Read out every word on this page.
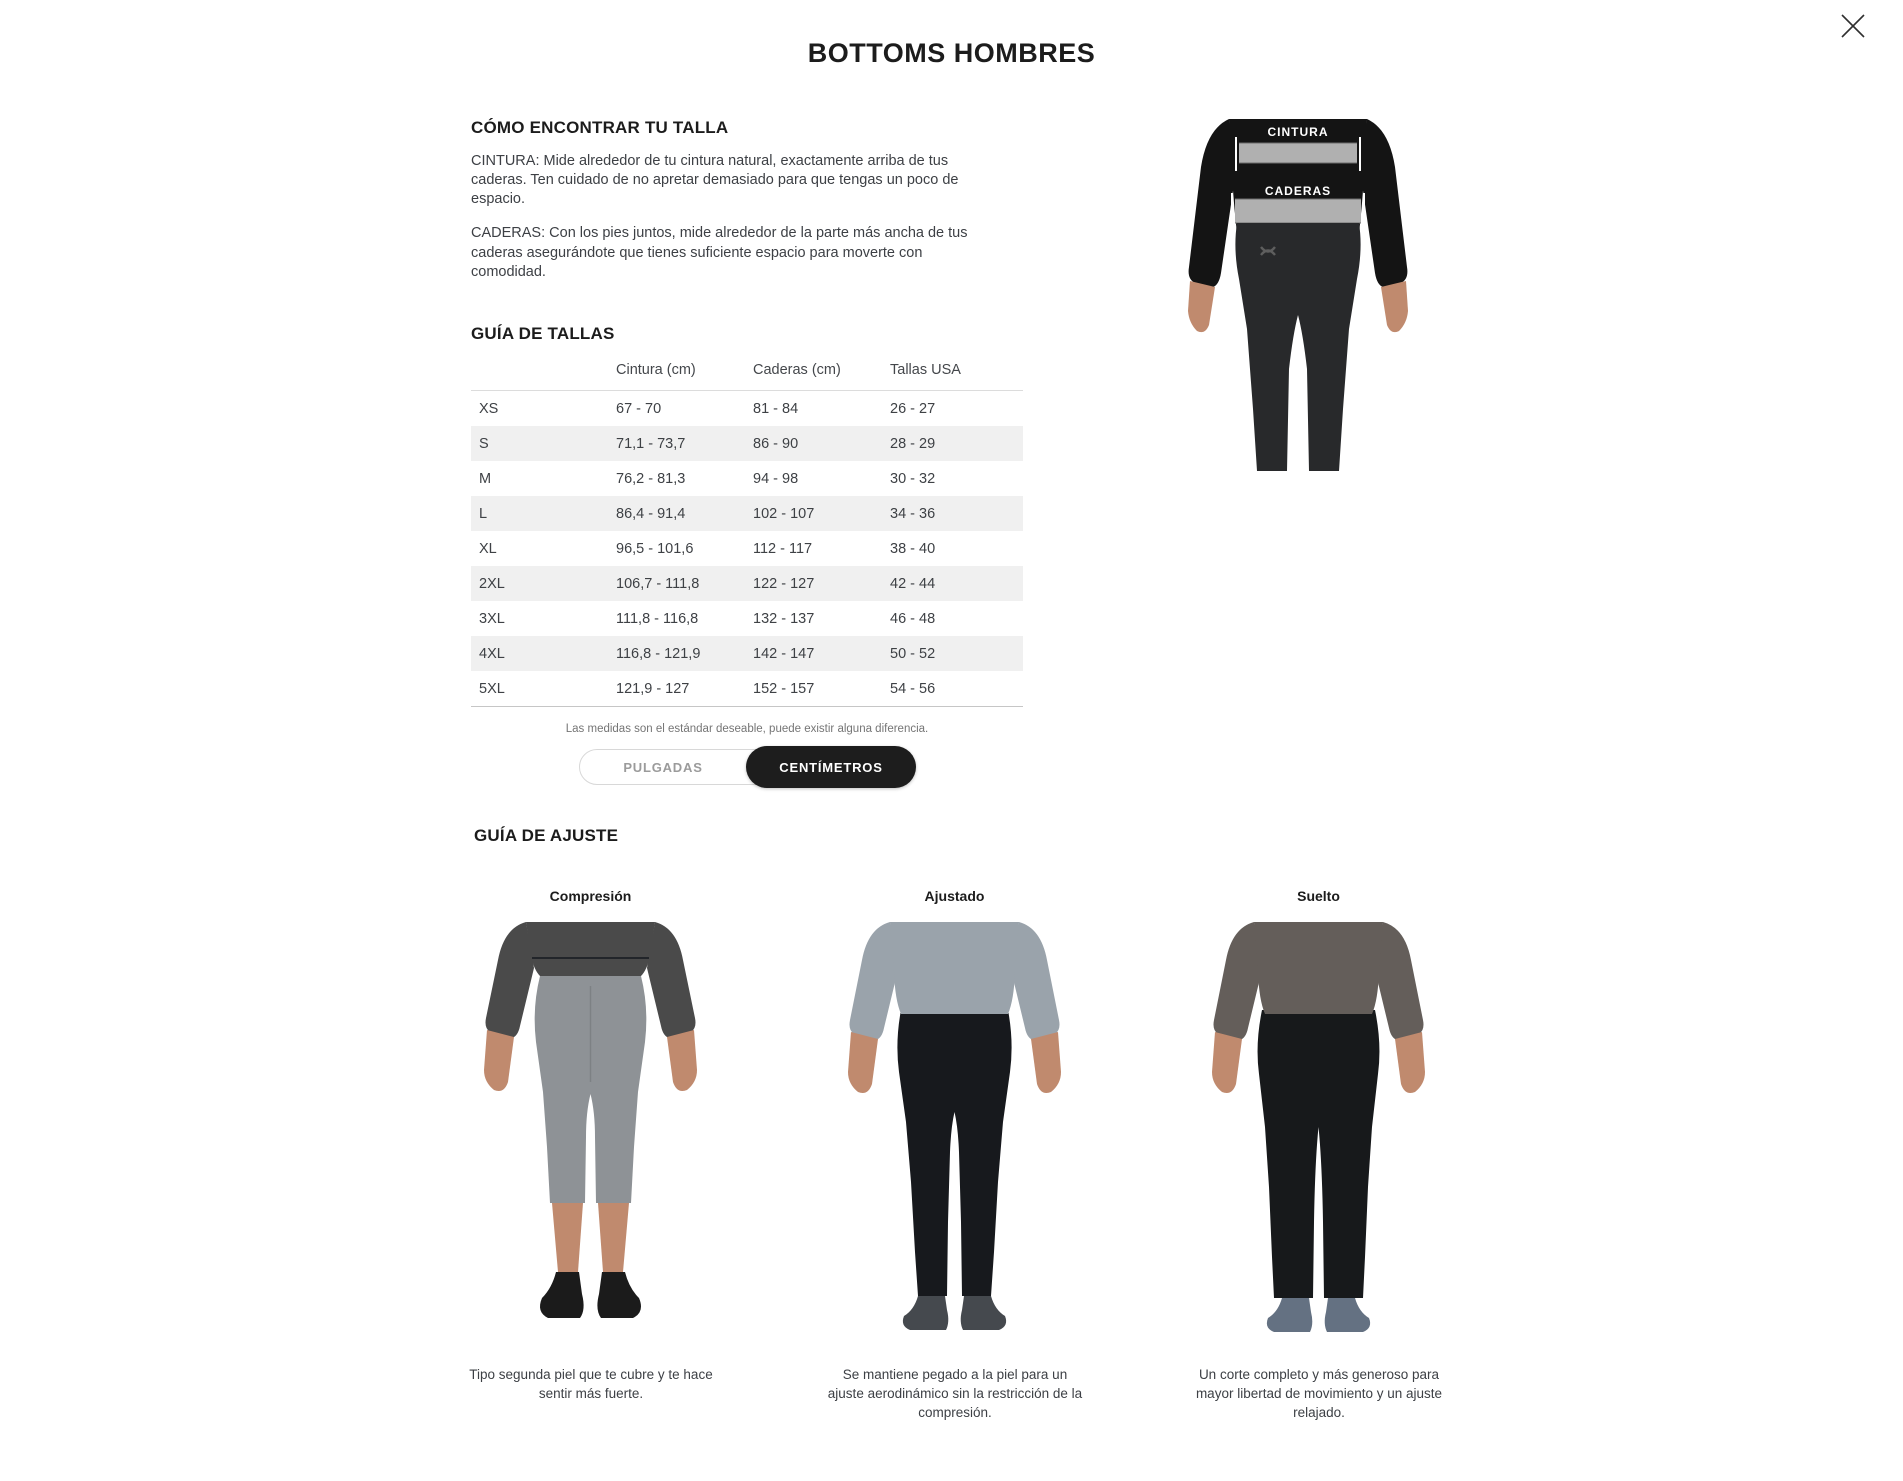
BOTTOMS HOMBRES
CÓMO ENCONTRAR TU TALLA

CINTURA: Mide alrededor de tu cintura natural, exactamente arriba de tus caderas. Ten cuidado de no apretar demasiado para que tengas un poco de espacio.

CADERAS: Con los pies juntos, mide alrededor de la parte más ancha de tus caderas asegurándote que tienes suficiente espacio para moverte con comodidad.

CINTURA
CADERAS
GUÍA DE TALLAS
	Cintura (cm)	Caderas (cm)	Tallas USA
XS	67 - 70	81 - 84	26 - 27
S	71,1 - 73,7	86 - 90	28 - 29
M	76,2 - 81,3	94 - 98	30 - 32
L	86,4 - 91,4	102 - 107	34 - 36
XL	96,5 - 101,6	112 - 117	38 - 40
2XL	106,7 - 111,8	122 - 127	42 - 44
3XL	111,8 - 116,8	132 - 137	46 - 48
4XL	116,8 - 121,9	142 - 147	50 - 52
5XL	121,9 - 127	152 - 157	54 - 56
Las medidas son el estándar deseable, puede existir alguna diferencia.
PULGADAS	CENTÍMETROS
GUÍA DE AJUSTE
Compresión
Tipo segunda piel que te cubre y te hace sentir más fuerte.
Ajustado
Se mantiene pegado a la piel para un ajuste aerodinámico sin la restricción de la compresión.
Suelto
Un corte completo y más generoso para mayor libertad de movimiento y un ajuste relajado.
